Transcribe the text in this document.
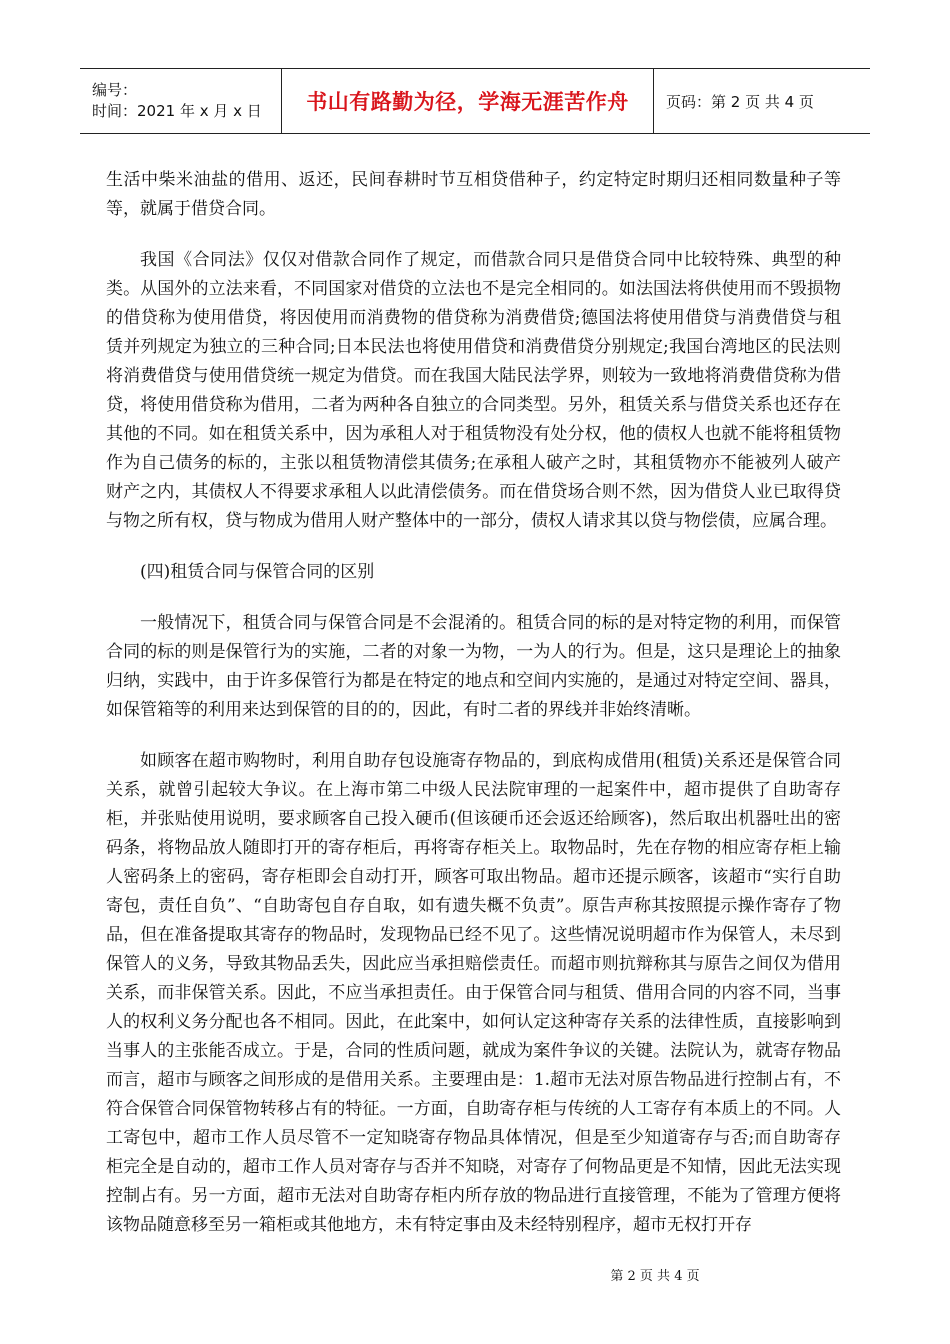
编号：
时间：2021 年 x 月 x 日	书山有路勤为径，学海无涯苦作舟 页码：第 2 页 共 4 页

生活中柴米油盐的借用、返还，民间春耕时节互相贷借种子，约定特定时期归还相同数量种子等等，就属于借贷合同。

我国《合同法》仅仅对借款合同作了规定，而借款合同只是借贷合同中比较特殊、典型的种类。从国外的立法来看，不同国家对借贷的立法也不是完全相同的。如法国法将供使用而不毁损物的借贷称为使用借贷，将因使用而消费物的借贷称为消费借贷;德国法将使用借贷与消费借贷与租赁并列规定为独立的三种合同;日本民法也将使用借贷和消费借贷分别规定;我国台湾地区的民法则将消费借贷与使用借贷统一规定为借贷。而在我国大陆民法学界，则较为一致地将消费借贷称为借贷，将使用借贷称为借用，二者为两种各自独立的合同类型。另外，租赁关系与借贷关系也还存在其他的不同。如在租赁关系中，因为承租人对于租赁物没有处分权，他的债权人也就不能将租赁物作为自己债务的标的，主张以租赁物清偿其债务;在承租人破产之时，其租赁物亦不能被列人破产财产之内，其债权人不得要求承租人以此清偿债务。而在借贷场合则不然，因为借贷人业已取得贷与物之所有权，贷与物成为借用人财产整体中的一部分，债权人请求其以贷与物偿债，应属合理。

(四)租赁合同与保管合同的区别

一般情况下，租赁合同与保管合同是不会混淆的。租赁合同的标的是对特定物的利用，而保管合同的标的则是保管行为的实施，二者的对象一为物，一为人的行为。但是，这只是理论上的抽象归纳，实践中，由于许多保管行为都是在特定的地点和空间内实施的，是通过对特定空间、器具，如保管箱等的利用来达到保管的目的的，因此，有时二者的界线并非始终清晰。

如顾客在超市购物时，利用自助存包设施寄存物品的，到底构成借用(租赁)关系还是保管合同关系，就曾引起较大争议。在上海市第二中级人民法院审理的一起案件中，超市提供了自助寄存柜，并张贴使用说明，要求顾客自己投入硬币(但该硬币还会返还给顾客)，然后取出机器吐出的密码条，将物品放人随即打开的寄存柜后，再将寄存柜关上。取物品时，先在存物的相应寄存柜上输人密码条上的密码，寄存柜即会自动打开，顾客可取出物品。超市还提示顾客，该超市“实行自助寄包，责任自负”、“自助寄包自存自取，如有遗失概不负责”。原告声称其按照提示操作寄存了物品，但在准备提取其寄存的物品时，发现物品已经不见了。这些情况说明超市作为保管人，未尽到保管人的义务，导致其物品丢失，因此应当承担赔偿责任。而超市则抗辩称其与原告之间仅为借用关系，而非保管关系。因此，不应当承担责任。由于保管合同与租赁、借用合同的内容不同，当事人的权利义务分配也各不相同。因此，在此案中，如何认定这种寄存关系的法律性质，直接影响到当事人的主张能否成立。于是，合同的性质问题，就成为案件争议的关键。法院认为，就寄存物品而言，超市与顾客之间形成的是借用关系。主要理由是：1.超市无法对原告物品进行控制占有，不符合保管合同保管物转移占有的特征。一方面，自助寄存柜与传统的人工寄存有本质上的不同。人工寄包中，超市工作人员尽管不一定知晓寄存物品具体情况，但是至少知道寄存与否;而自助寄存柜完全是自动的，超市工作人员对寄存与否并不知晓，对寄存了何物品更是不知情，因此无法实现控制占有。另一方面，超市无法对自助寄存柜内所存放的物品进行直接管理，不能为了管理方便将该物品随意移至另一箱柜或其他地方，未有特定事由及未经特别程序，超市无权打开存

第 2 页 共 4 页
